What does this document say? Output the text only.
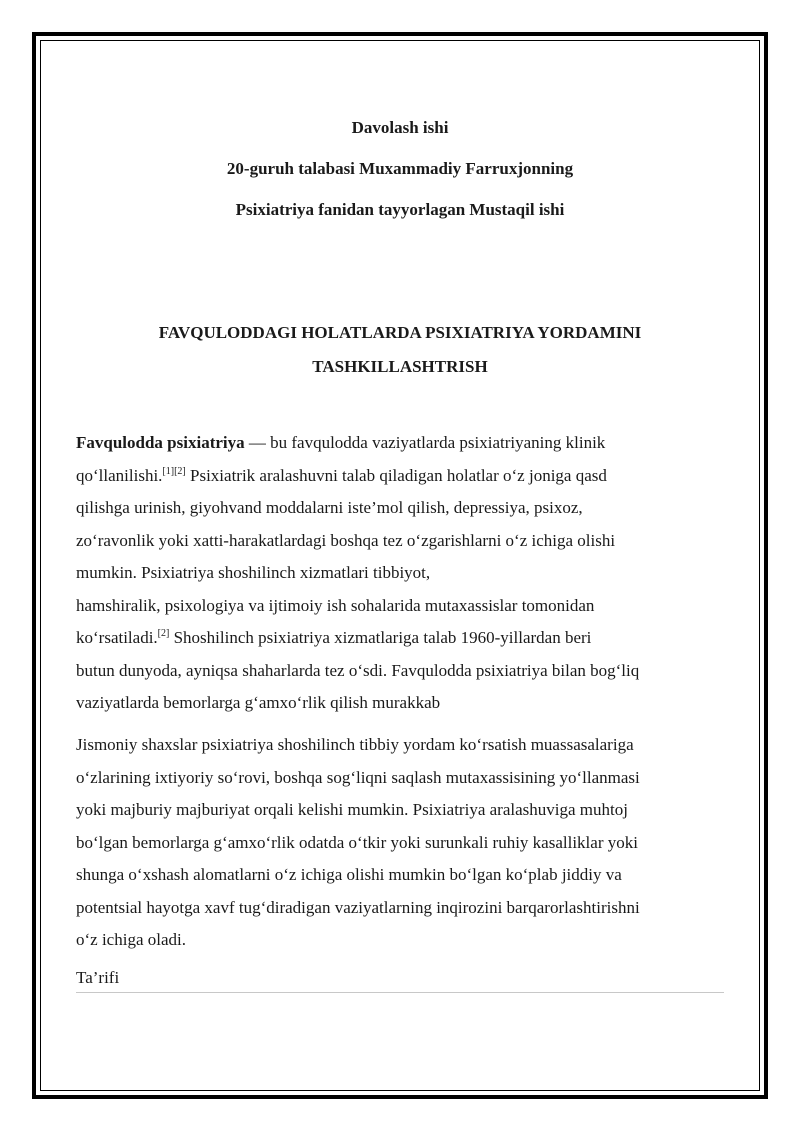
Davolash ishi

20-guruh talabasi Muxammadiy Farruxjonning

Psixiatriya fanidan tayyorlagan Mustaqil ishi

FAVQULODDAGI HOLATLARDA PSIXIATRIYA YORDAMINI
TASHKILLASHTRISH

Favqulodda psixiatriya — bu favqulodda vaziyatlarda psixiatriyaning klinik
qo‘llanilishi.[1][2] Psixiatrik aralashuvni talab qiladigan holatlar o‘z joniga qasd
qilishga urinish, giyohvand moddalarni iste’mol qilish, depressiya, psixoz,
zo‘ravonlik yoki xatti-harakatlardagi boshqa tez o‘zgarishlarni o‘z ichiga olishi
mumkin. Psixiatriya shoshilinch xizmatlari tibbiyot,
hamshiralik, psixologiya va ijtimoiy ish sohalarida mutaxassislar tomonidan
ko‘rsatiladi.[2] Shoshilinch psixiatriya xizmatlariga talab 1960-yillardan beri
butun dunyoda, ayniqsa shaharlarda tez o‘sdi. Favqulodda psixiatriya bilan bog‘liq
vaziyatlarda bemorlarga g‘amxo‘rlik qilish murakkab

Jismoniy shaxslar psixiatriya shoshilinch tibbiy yordam ko‘rsatish muassasalariga
o‘zlarining ixtiyoriy so‘rovi, boshqa sog‘liqni saqlash mutaxassisining yo‘llanmasi
yoki majburiy majburiyat orqali kelishi mumkin. Psixiatriya aralashuviga muhtoj
bo‘lgan bemorlarga g‘amxo‘rlik odatda o‘tkir yoki surunkali ruhiy kasalliklar yoki
shunga o‘xshash alomatlarni o‘z ichiga olishi mumkin bo‘lgan ko‘plab jiddiy va
potentsial hayotga xavf tug‘diradigan vaziyatlarning inqirozini barqarorlashtirishni
o‘z ichiga oladi.

Ta’rifi
